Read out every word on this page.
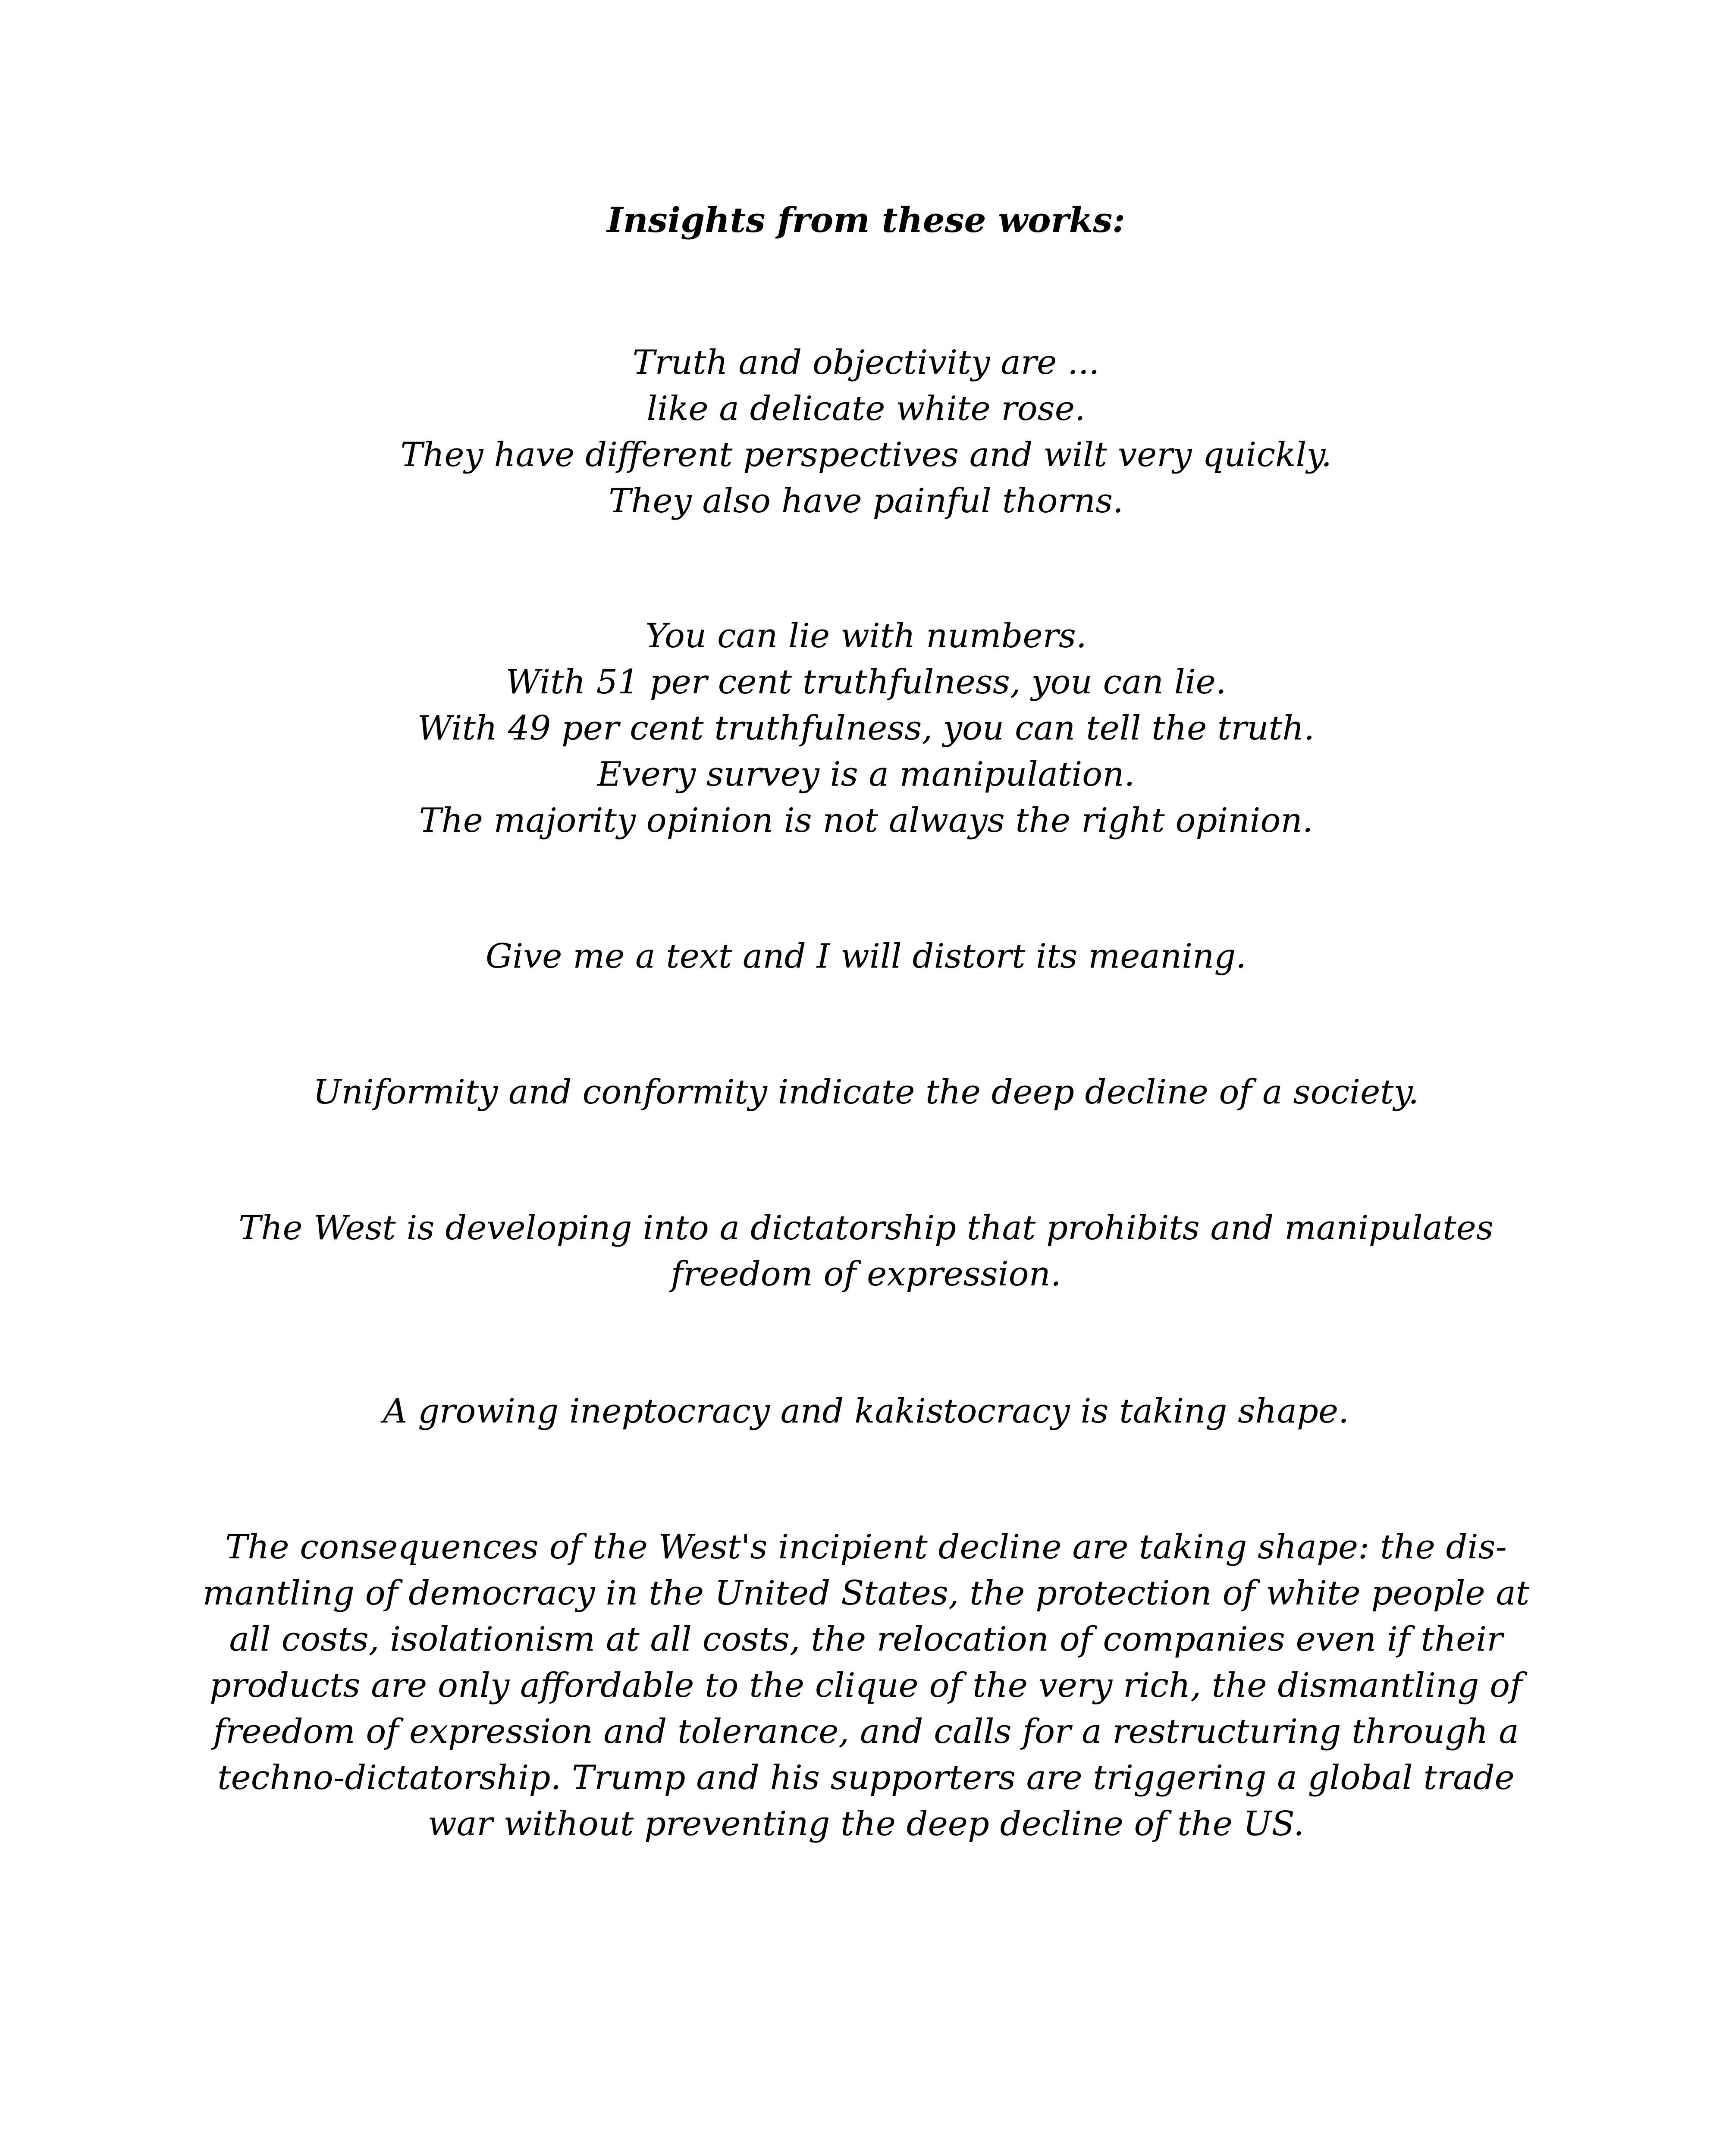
Insights from these works:

Truth and objectivity are ...
like a delicate white rose.
They have different perspectives and wilt very quickly.
They also have painful thorns.

You can lie with numbers.
With 51 per cent truthfulness, you can lie.
With 49 per cent truthfulness, you can tell the truth.
Every survey is a manipulation.
The majority opinion is not always the right opinion.

Give me a text and I will distort its meaning.

Uniformity and conformity indicate the deep decline of a society.

The West is developing into a dictatorship that prohibits and manipulates
freedom of expression.

A growing ineptocracy and kakistocracy is taking shape.

The consequences of the West's incipient decline are taking shape: the dis-
mantling of democracy in the United States, the protection of white people at
all costs, isolationism at all costs, the relocation of companies even if their
products are only affordable to the clique of the very rich, the dismantling of
freedom of expression and tolerance, and calls for a restructuring through a
techno-dictatorship. Trump and his supporters are triggering a global trade
war without preventing the deep decline of the US.
